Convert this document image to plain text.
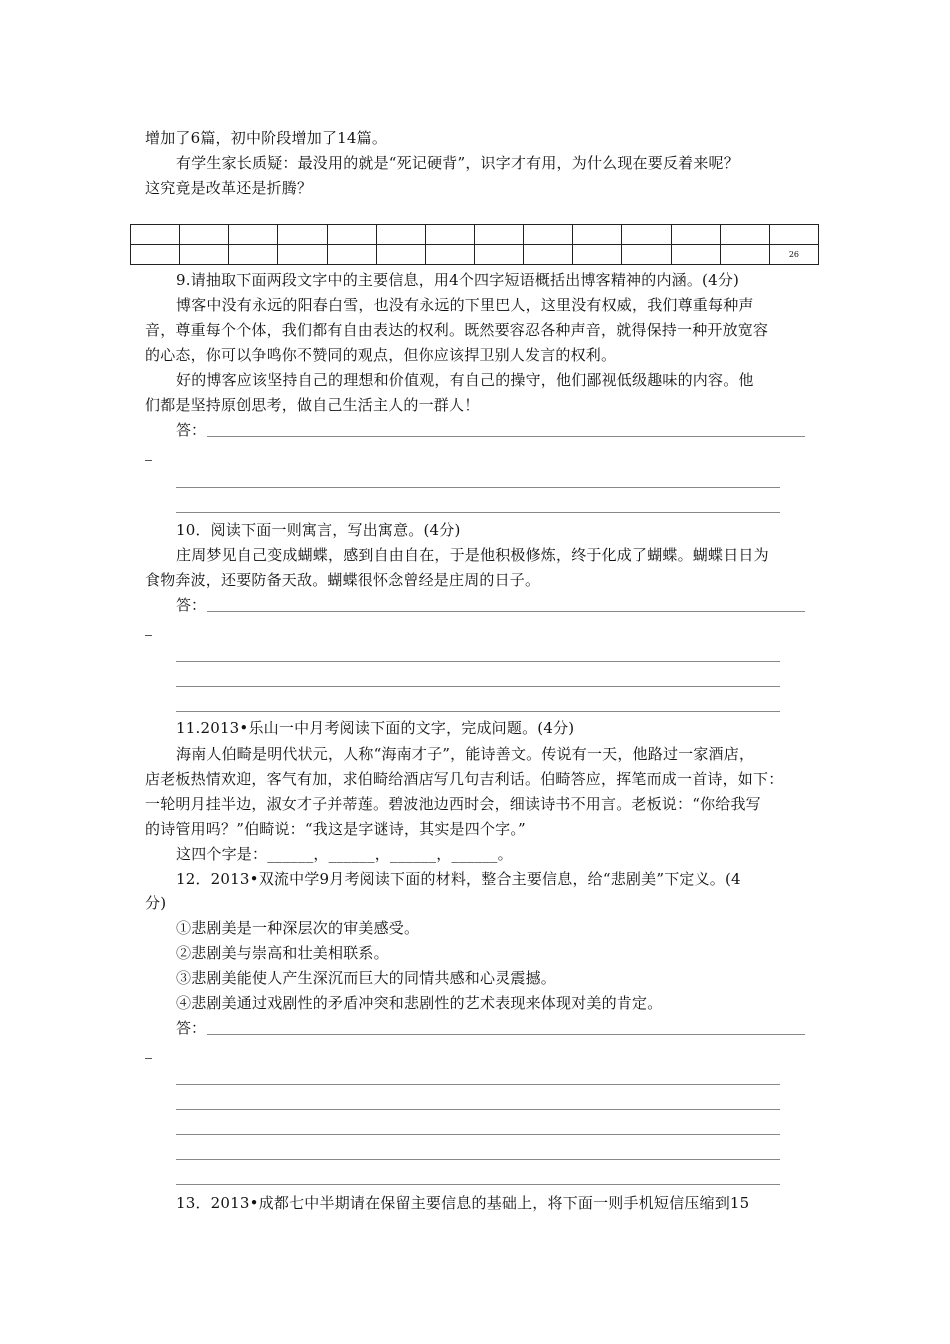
增加了6篇，初中阶段增加了14篇。
有学生家长质疑：最没用的就是“死记硬背”，识字才有用，为什么现在要反着来呢？
这究竟是改革还是折腾？

													26
9.请抽取下面两段文字中的主要信息，用4个四字短语概括出博客精神的内涵。(4分)
博客中没有永远的阳春白雪，也没有永远的下里巴人，这里没有权威，我们尊重每种声
音，尊重每个个体，我们都有自由表达的权利。既然要容忍各种声音，就得保持一种开放宽容
的心态，你可以争鸣你不赞同的观点，但你应该捍卫别人发言的权利。
好的博客应该坚持自己的理想和价值观，有自己的操守，他们鄙视低级趣味的内容。他
们都是坚持原创思考，做自己生活主人的一群人！
答：
10．阅读下面一则寓言，写出寓意。(4分)
庄周梦见自己变成蝴蝶，感到自由自在，于是他积极修炼，终于化成了蝴蝶。蝴蝶日日为
食物奔波，还要防备天敌。蝴蝶很怀念曾经是庄周的日子。
答：
11.2013•乐山一中月考阅读下面的文字，完成问题。(4分)
海南人伯畸是明代状元，人称“海南才子”，能诗善文。传说有一天，他路过一家酒店，
店老板热情欢迎，客气有加，求伯畸给酒店写几句吉利话。伯畸答应，挥笔而成一首诗，如下：
一轮明月挂半边，淑女才子并蒂莲。碧波池边西时会，细读诗书不用言。老板说：“你给我写
的诗管用吗？”伯畸说：“我这是字谜诗，其实是四个字。”
这四个字是：______，______，______，______。
12．2013•双流中学9月考阅读下面的材料，整合主要信息，给“悲剧美”下定义。(4
分)
①悲剧美是一种深层次的审美感受。
②悲剧美与崇高和壮美相联系。
③悲剧美能使人产生深沉而巨大的同情共感和心灵震撼。
④悲剧美通过戏剧性的矛盾冲突和悲剧性的艺术表现来体现对美的肯定。
答：
13．2013•成都七中半期请在保留主要信息的基础上，将下面一则手机短信压缩到15
